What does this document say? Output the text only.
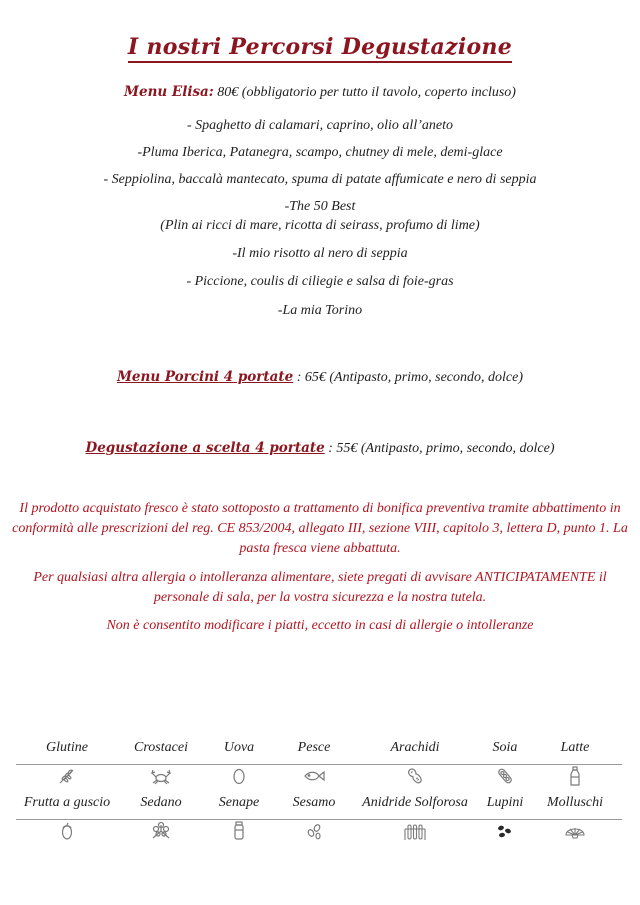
I nostri Percorsi Degustazione
Menu Elisa: 80€ (obbligatorio per tutto il tavolo, coperto incluso)
- Spaghetto di calamari, caprino, olio all’aneto
-Pluma Iberica, Patanegra, scampo, chutney di mele, demi-glace
- Seppiolina, baccalà mantecato, spuma di patate affumicate e nero di seppia
-The 50 Best
(Plin ai ricci di mare, ricotta di seirass, profumo di lime)
-Il mio risotto al nero di seppia
- Piccione, coulis di ciliegie e salsa di foie-gras
-La mia Torino
Menu Porcini 4 portate : 65€ (Antipasto, primo, secondo, dolce)
Degustazione a scelta 4 portate : 55€ (Antipasto, primo, secondo, dolce)
Il prodotto acquistato fresco è stato sottoposto a trattamento di bonifica preventiva tramite abbattimento in conformità alle prescrizioni del reg. CE 853/2004, allegato III, sezione VIII, capitolo 3, lettera D, punto 1. La pasta fresca viene abbattuta.
Per qualsiasi altra allergia o intolleranza alimentare, siete pregati di avvisare ANTICIPATAMENTE il personale di sala, per la vostra sicurezza e la nostra tutela.
Non è consentito modificare i piatti, eccetto in casi di allergie o intolleranze
Glutine	Crostacei	Uova	Pesce	Arachidi	Soia	Latte
Frutta a guscio	Sedano	Senape	Sesamo	Anidride Solforosa	Lupini	Molluschi
